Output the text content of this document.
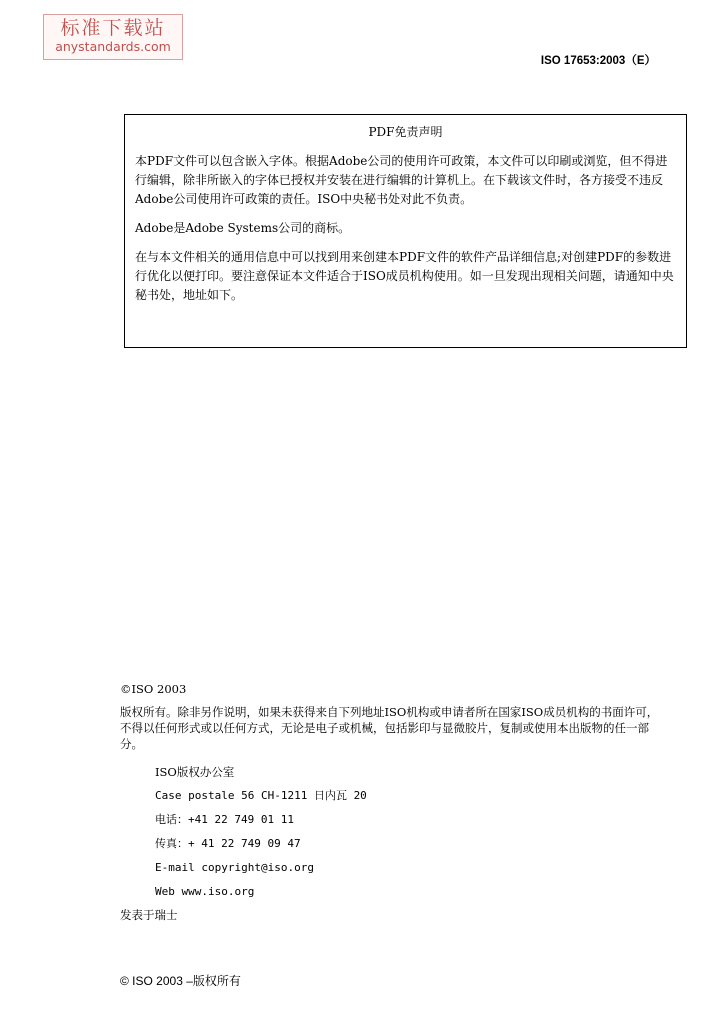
标准下载站
anystandards.com
ISO 17653:2003（E）
PDF免责声明

本PDF文件可以包含嵌入字体。根据Adobe公司的使用许可政策，本文件可以印刷或浏览，但不得进行编辑，除非所嵌入的字体已授权并安装在进行编辑的计算机上。在下载该文件时，各方接受不违反Adobe公司使用许可政策的责任。ISO中央秘书处对此不负责。

Adobe是Adobe Systems公司的商标。

在与本文件相关的通用信息中可以找到用来创建本PDF文件的软件产品详细信息;对创建PDF的参数进行优化以便打印。要注意保证本文件适合于ISO成员机构使用。如一旦发现出现相关问题，请通知中央秘书处，地址如下。

©ISO 2003

版权所有。除非另作说明，如果未获得来自下列地址ISO机构或申请者所在国家ISO成员机构的书面许可，不得以任何形式或以任何方式，无论是电子或机械，包括影印与显微胶片，复制或使用本出版物的任一部分。

ISO版权办公室

Case postale 56 CH-1211 日内瓦 20

电话：+41 22 749 01 11

传真：+ 41 22 749 09 47

E-mail copyright@iso.org

Web www.iso.org

发表于瑞士

© ISO 2003 –版权所有
